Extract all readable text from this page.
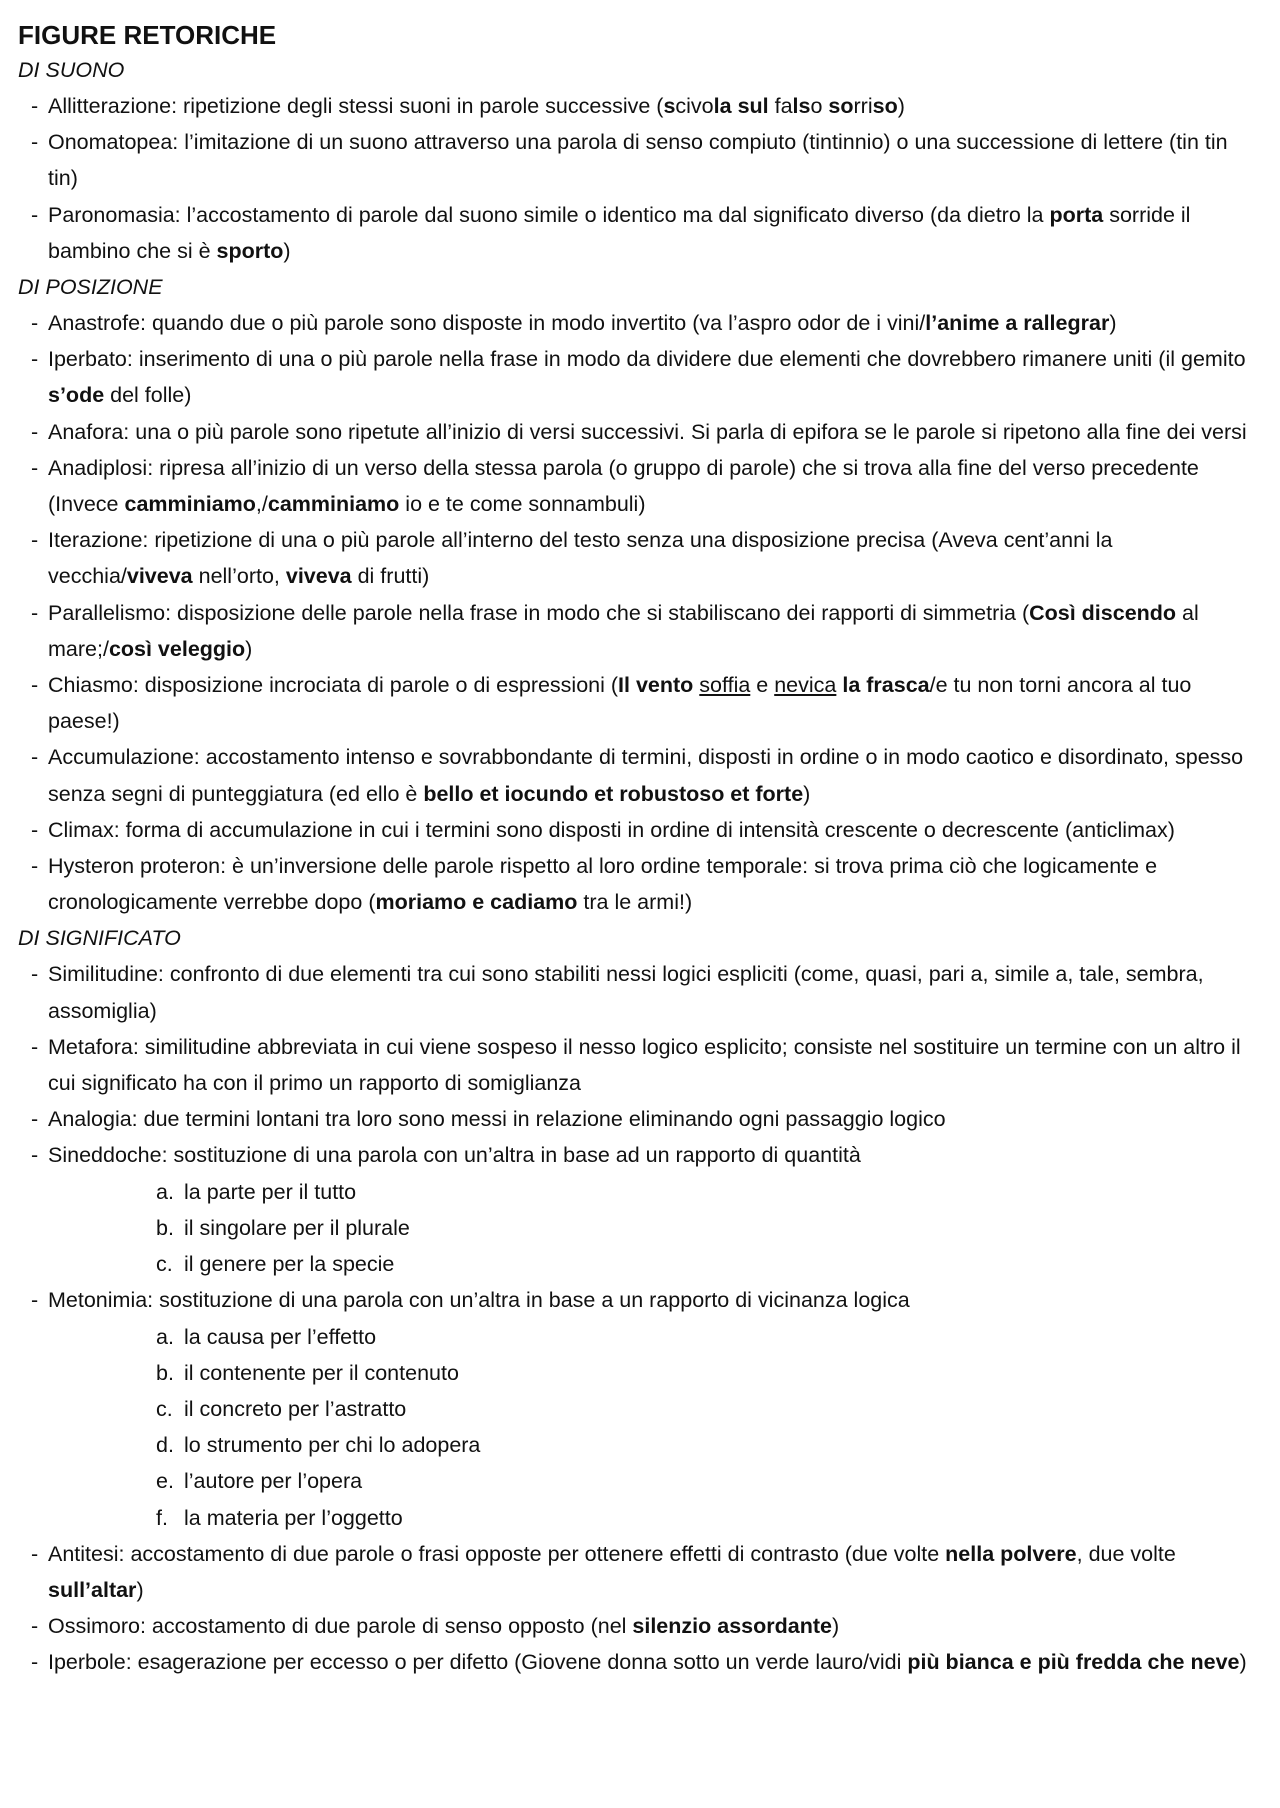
FIGURE RETORICHE

DI SUONO

- Allitterazione: ripetizione degli stessi suoni in parole successive (scivola sul falso sorriso)
- Onomatopea: l’imitazione di un suono attraverso una parola di senso compiuto (tintinnio) o una successione di lettere (tin tin tin)
- Paronomasia: l’accostamento di parole dal suono simile o identico ma dal significato diverso (da dietro la porta sorride il bambino che si è sporto)

DI POSIZIONE

- Anastrofe: quando due o più parole sono disposte in modo invertito (va l’aspro odor de i vini/l’anime a rallegrar)
- Iperbato: inserimento di una o più parole nella frase in modo da dividere due elementi che dovrebbero rimanere uniti (il gemito s’ode del folle)
- Anafora: una o più parole sono ripetute all’inizio di versi successivi. Si parla di epifora se le parole si ripetono alla fine dei versi
- Anadiplosi: ripresa all’inizio di un verso della stessa parola (o gruppo di parole) che si trova alla fine del verso precedente (Invece camminiamo,/camminiamo io e te come sonnambuli)
- Iterazione: ripetizione di una o più parole all’interno del testo senza una disposizione precisa (Aveva cent’anni la vecchia/viveva nell’orto, viveva di frutti)
- Parallelismo: disposizione delle parole nella frase in modo che si stabiliscano dei rapporti di simmetria (Così discendo al mare;/così veleggio)
- Chiasmo: disposizione incrociata di parole o di espressioni (Il vento soffia e nevica la frasca/e tu non torni ancora al tuo paese!)
- Accumulazione: accostamento intenso e sovrabbondante di termini, disposti in ordine o in modo caotico e disordinato, spesso senza segni di punteggiatura (ed ello è bello et iocundo et robustoso et forte)
- Climax: forma di accumulazione in cui i termini sono disposti in ordine di intensità crescente o decrescente (anticlimax)
- Hysteron proteron: è un’inversione delle parole rispetto al loro ordine temporale: si trova prima ciò che logicamente e cronologicamente verrebbe dopo (moriamo e cadiamo tra le armi!)

DI SIGNIFICATO

- Similitudine: confronto di due elementi tra cui sono stabiliti nessi logici espliciti (come, quasi, pari a, simile a, tale, sembra, assomiglia)
- Metafora: similitudine abbreviata in cui viene sospeso il nesso logico esplicito; consiste nel sostituire un termine con un altro il cui significato ha con il primo un rapporto di somiglianza
- Analogia: due termini lontani tra loro sono messi in relazione eliminando ogni passaggio logico
- Sineddoche: sostituzione di una parola con un’altra in base ad un rapporto di quantità
a. la parte per il tutto
b. il singolare per il plurale
c. il genere per la specie
- Metonimia: sostituzione di una parola con un’altra in base a un rapporto di vicinanza logica
a. la causa per l’effetto
b. il contenente per il contenuto
c. il concreto per l’astratto
d. lo strumento per chi lo adopera
e. l’autore per l’opera
f. la materia per l’oggetto
- Antitesi: accostamento di due parole o frasi opposte per ottenere effetti di contrasto (due volte nella polvere, due volte sull’altar)
- Ossimoro: accostamento di due parole di senso opposto (nel silenzio assordante)
- Iperbole: esagerazione per eccesso o per difetto (Giovene donna sotto un verde lauro/vidi più bianca e più fredda che neve)
